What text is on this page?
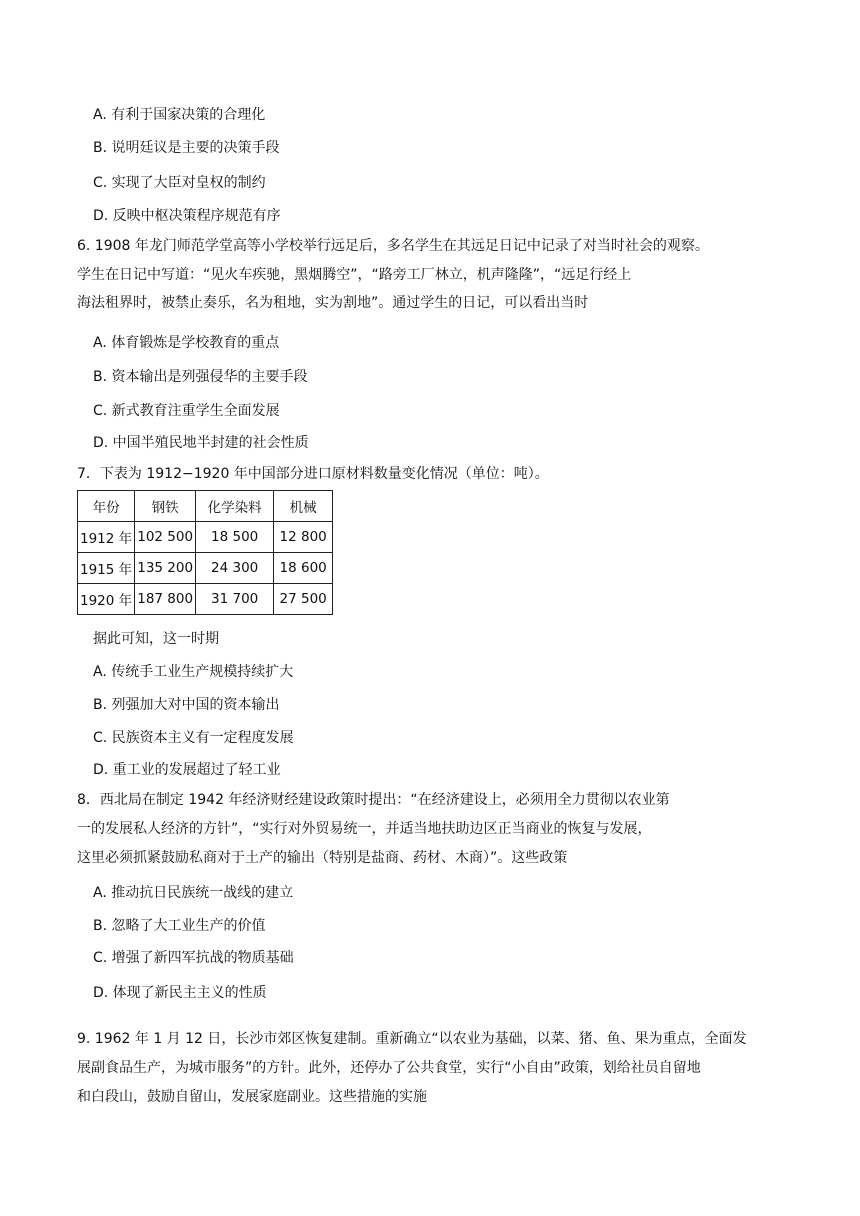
A. 有利于国家决策的合理化
B. 说明廷议是主要的决策手段
C. 实现了大臣对皇权的制约
D. 反映中枢决策程序规范有序
6. 1908 年龙门师范学堂高等小学校举行远足后，多名学生在其远足日记中记录了对当时社会的观察。
学生在日记中写道：“见火车疾驰，黑烟腾空”，“路旁工厂林立，机声隆隆”，“远足行经上
海法租界时，被禁止奏乐，名为租地，实为割地”。通过学生的日记，可以看出当时
A. 体育锻炼是学校教育的重点
B. 资本输出是列强侵华的主要手段
C. 新式教育注重学生全面发展
D. 中国半殖民地半封建的社会性质
7．下表为 1912−1920 年中国部分进口原材料数量变化情况（单位：吨）。
年份	钢铁	化学染料	机械
1912 年	102 500	18 500	12 800
1915 年	135 200	24 300	18 600
1920 年	187 800	31 700	27 500
据此可知，这一时期
A. 传统手工业生产规模持续扩大
B. 列强加大对中国的资本输出
C. 民族资本主义有一定程度发展
D. 重工业的发展超过了轻工业
8．西北局在制定 1942 年经济财经建设政策时提出：“在经济建设上，必须用全力贯彻以农业第
一的发展私人经济的方针”，“实行对外贸易统一，并适当地扶助边区正当商业的恢复与发展，
这里必须抓紧鼓励私商对于土产的输出（特别是盐商、药材、木商）”。这些政策
A. 推动抗日民族统一战线的建立
B. 忽略了大工业生产的价值
C. 增强了新四军抗战的物质基础
D. 体现了新民主主义的性质
9. 1962 年 1 月 12 日，长沙市郊区恢复建制。重新确立“以农业为基础，以菜、猪、鱼、果为重点，全面发
展副食品生产，为城市服务”的方针。此外，还停办了公共食堂，实行“小自由”政策，划给社员自留地
和白段山，鼓励自留山，发展家庭副业。这些措施的实施
